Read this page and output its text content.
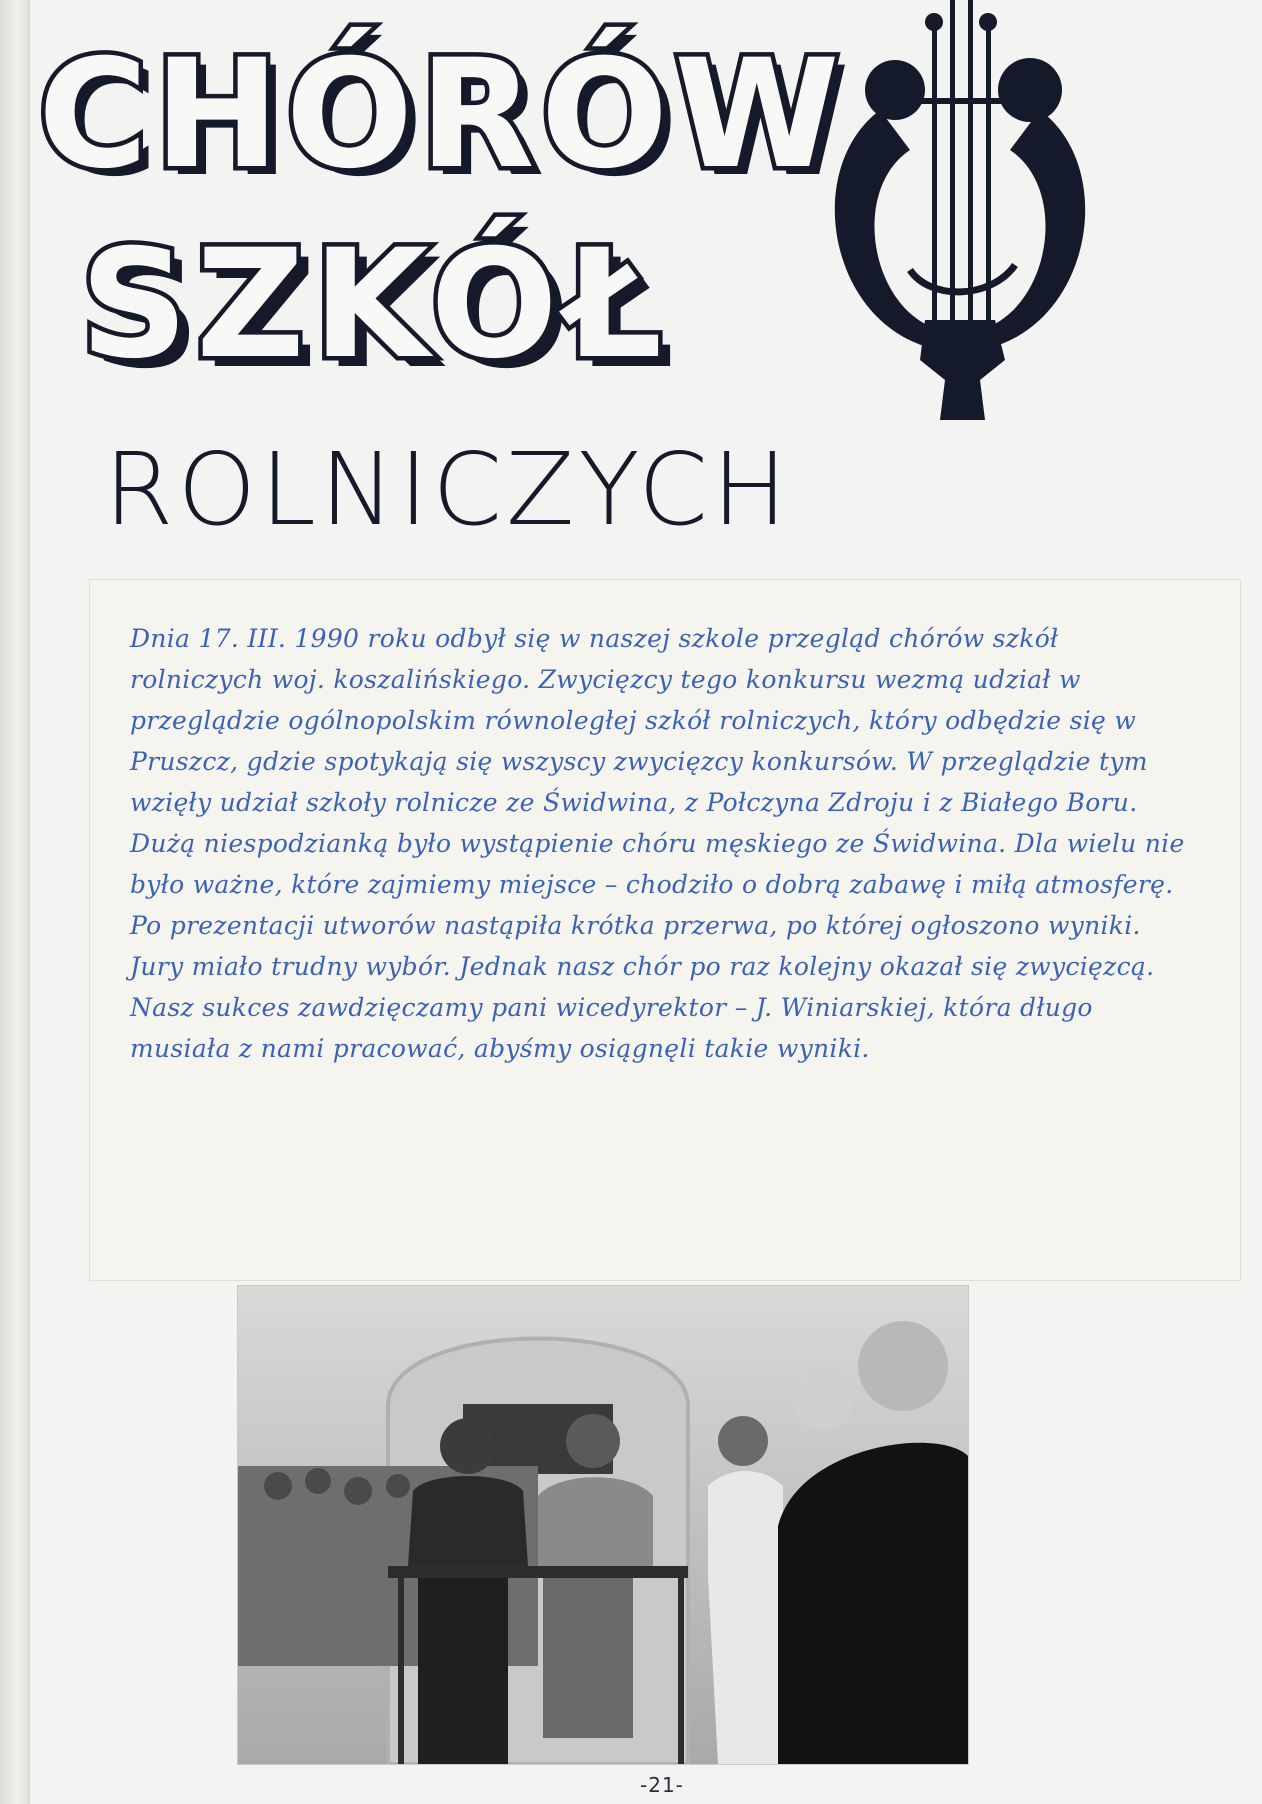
CHÓRÓW
SZKÓŁ
ROLNICZYCH

Dnia 17. III. 1990 roku odbył się w naszej szkole przegląd chórów szkół rolniczych woj. koszalińskiego. Zwycięzcy tego konkursu wezmą udział w przeglądzie ogólnopolskim równoległej szkół rolniczych, który odbędzie się w Pruszcz, gdzie spotykają się wszyscy zwycięzcy konkursów. W przeglądzie tym wzięły udział szkoły rolnicze ze Świdwina, z Połczyna Zdroju i z Białego Boru. Dużą niespodzianką było wystąpienie chóru męskiego ze Świdwina. Dla wielu nie było ważne, które zajmiemy miejsce – chodziło o dobrą zabawę i miłą atmosferę.
Po prezentacji utworów nastąpiła krótka przerwa, po której ogłoszono wyniki. Jury miało trudny wybór. Jednak nasz chór po raz kolejny okazał się zwycięzcą. Nasz sukces zawdzięczamy pani wicedyrektor – J. Winiarskiej, która długo musiała z nami pracować, abyśmy osiągnęli takie wyniki.

-21-
